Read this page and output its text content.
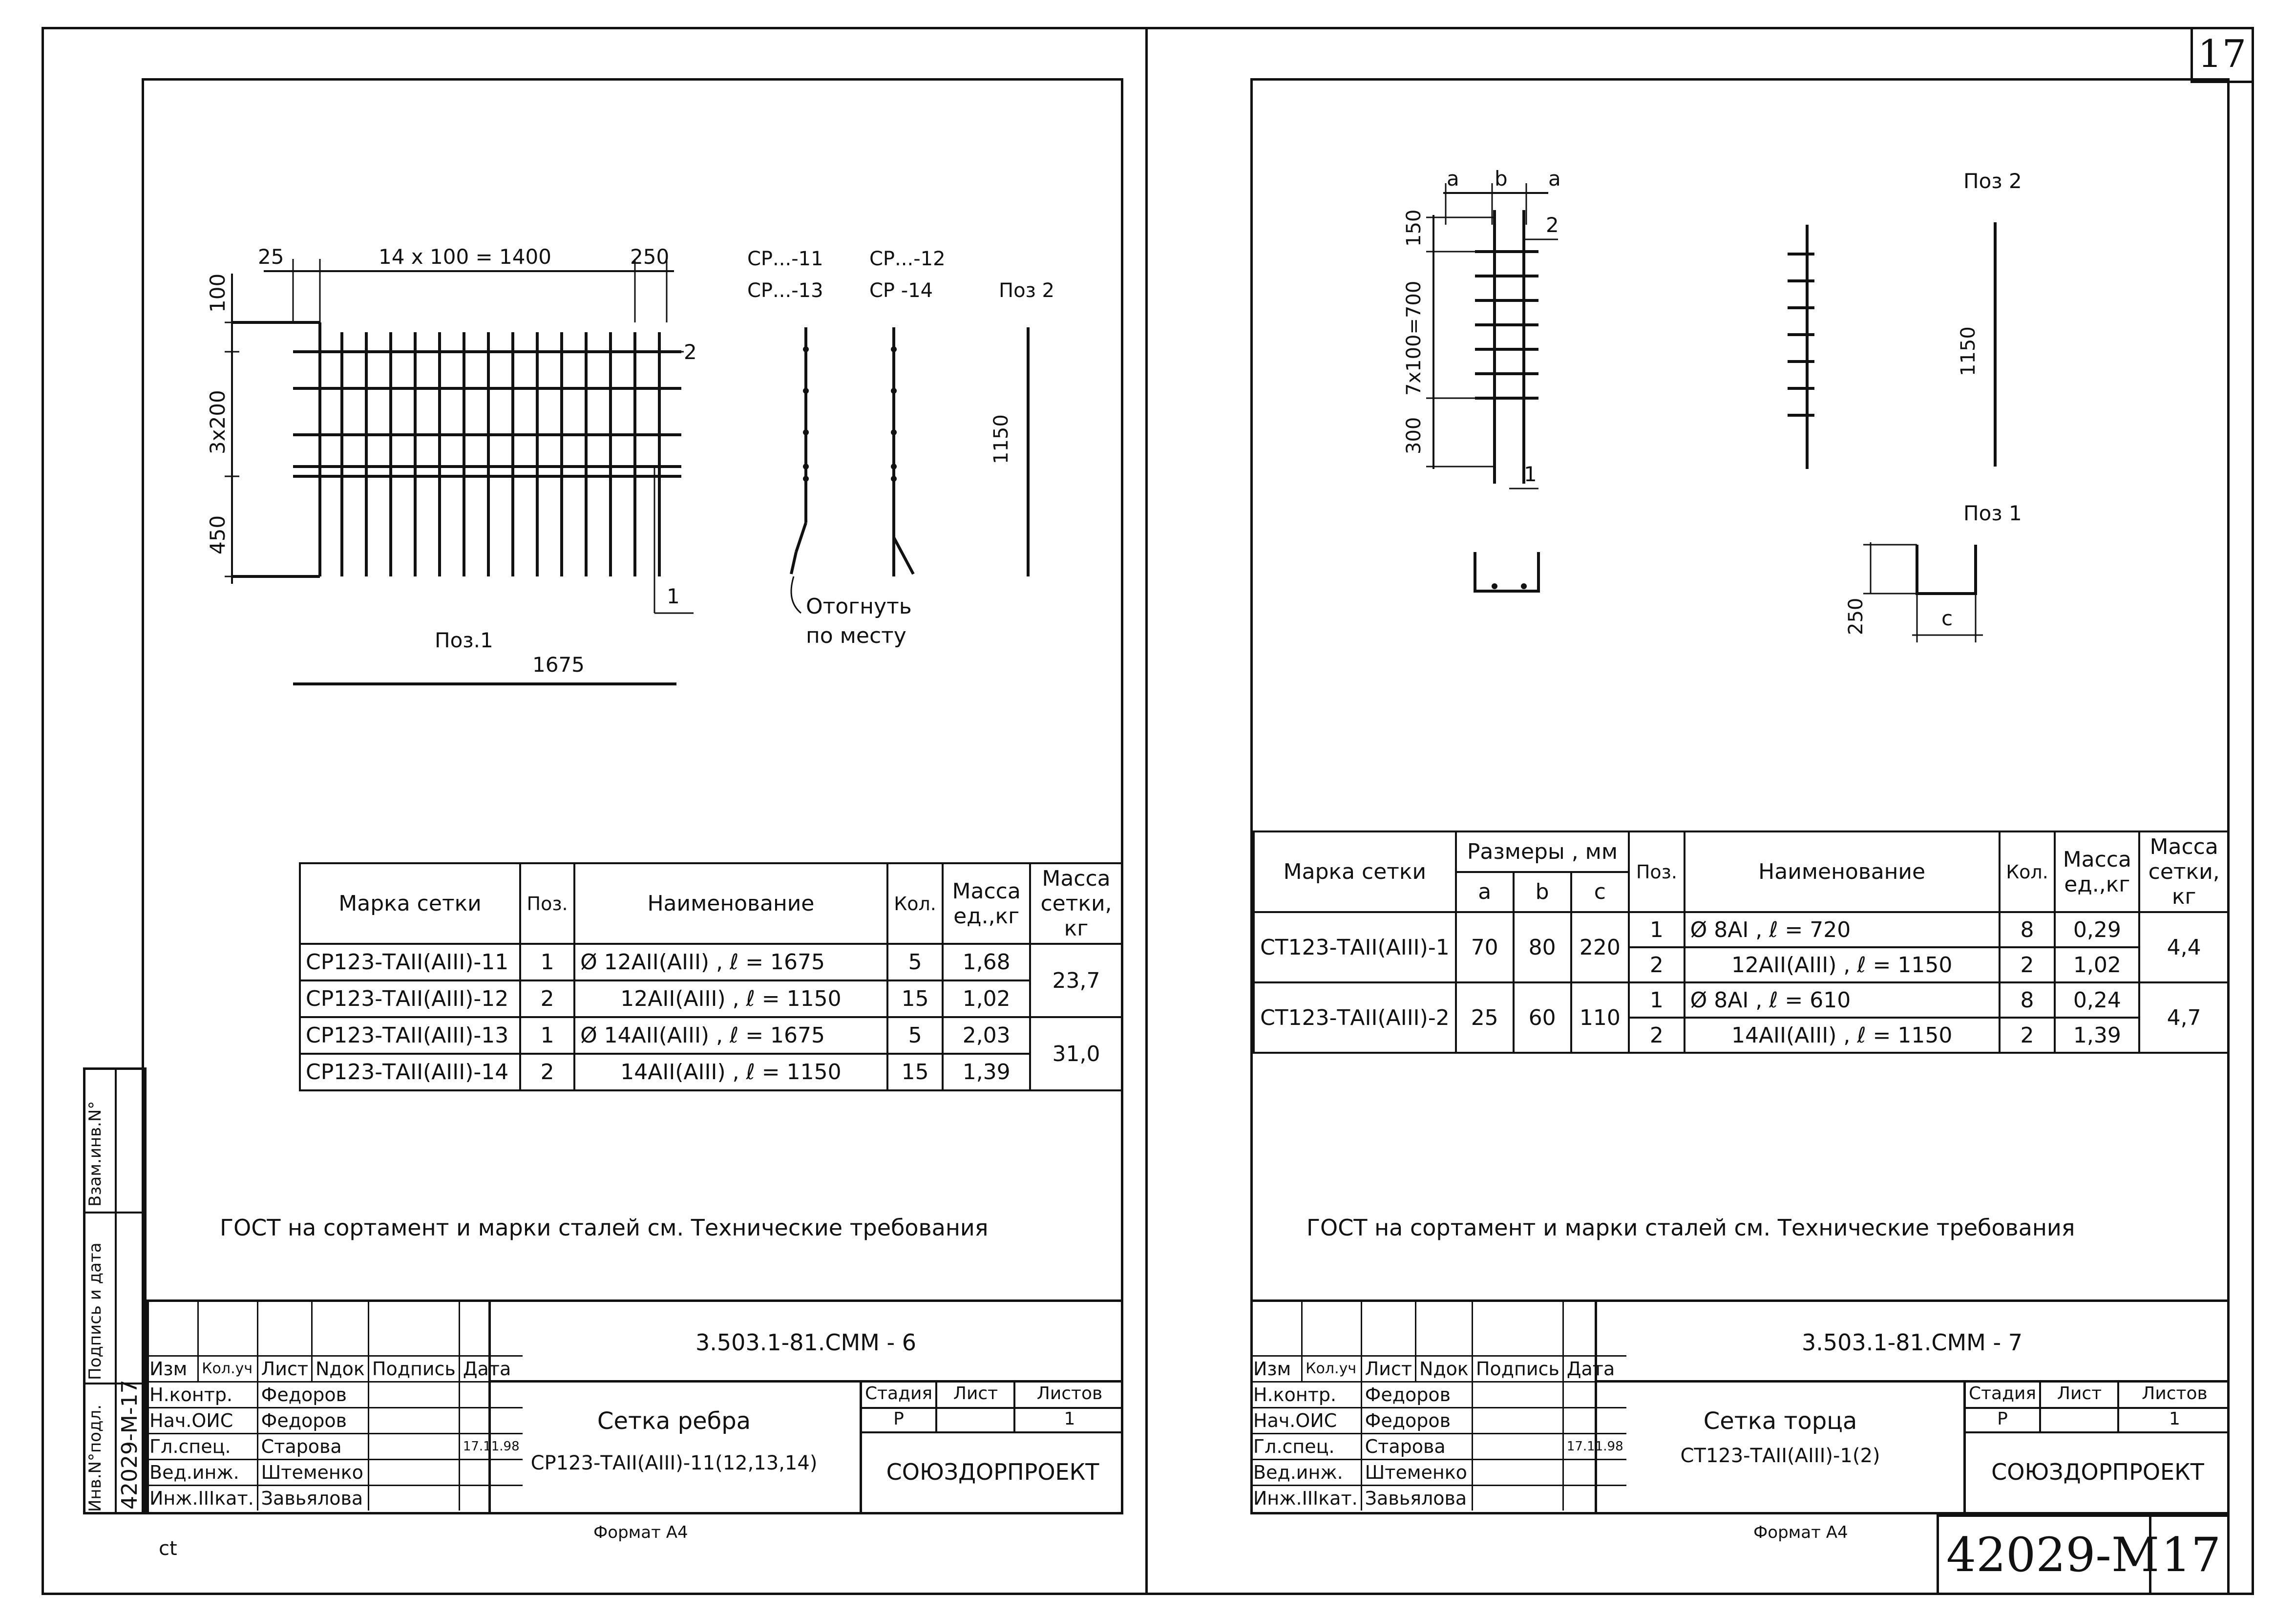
17
25	14 x 100 = 1400	250
100
3x200
450
2
1
Поз.1
1675
СР...-11 СР...-12
СР...-13 СР -14	Поз 2
1150
Отогнуть
по месту
Марка сетки	Поз.	Наименование	Кол.	Масса ед.,кг	Масса сетки, кг
СР123-ТАII(АIII)-11	1	Ø 12АII(АIII) , ℓ = 1675	5	1,68	23,7
СР123-ТАII(АIII)-12	2	12АII(АIII) , ℓ = 1150	15	1,02	
СР123-ТАII(АIII)-13	1	Ø 14АII(АIII) , ℓ = 1675	5	2,03	31,0
СР123-ТАII(АIII)-14	2	14АII(АIII) , ℓ = 1150	15	1,39	
ГОСТ на сортамент и марки сталей см. Технические требования
Взам.инв.N°
Подпись и дата
Инв.N°подл. 42029-М-17
3.503.1-81.СММ - 6
Сетка ребра
СР123-ТАII(АIII)-11(12,13,14)
Стадия	Лист	Листов
Р	1
СОЮЗДОРПРОЕКТ

Изм	Кол.уч	Лист	Nдок	Подпись	Дата
Н.контр.		Федоров			
Нач.ОИС		Федоров			
Гл.спец.		Старова			17.11.98
Вед.инж.		Штеменко			
Инж.IIIкат.		Завьялова			
Формат А4
ct
a b a
2
1
150
7x100=700
300
Поз 2
1150
Поз 1
250	c
Марка сетки	Размеры , мм			Поз.	Наименование	Кол.	Масса ед.,кг	Масса сетки, кг
	a	b	c					
СТ123-ТАII(АIII)-1	70	80	220	1	Ø 8АI , ℓ = 720	8	0,29	4,4
				2	12АII(АIII) , ℓ = 1150	2	1,02	
СТ123-ТАII(АIII)-2	25	60	110	1	Ø 8АI , ℓ = 610	8	0,24	4,7
				2	14АII(АIII) , ℓ = 1150	2	1,39	
ГОСТ на сортамент и марки сталей см. Технические требования
3.503.1-81.СММ - 7
Сетка торца
СТ123-ТАII(АIII)-1(2)
Стадия	Лист	Листов
Р	1
СОЮЗДОРПРОЕКТ

Изм	Кол.уч	Лист	Nдок	Подпись	Дата
Н.контр.		Федоров			
Нач.ОИС		Федоров			
Гл.спец.		Старова			17.11.98
Вед.инж.		Штеменко			
Инж.IIIкат.		Завьялова			
Формат А4 42029-М 17
